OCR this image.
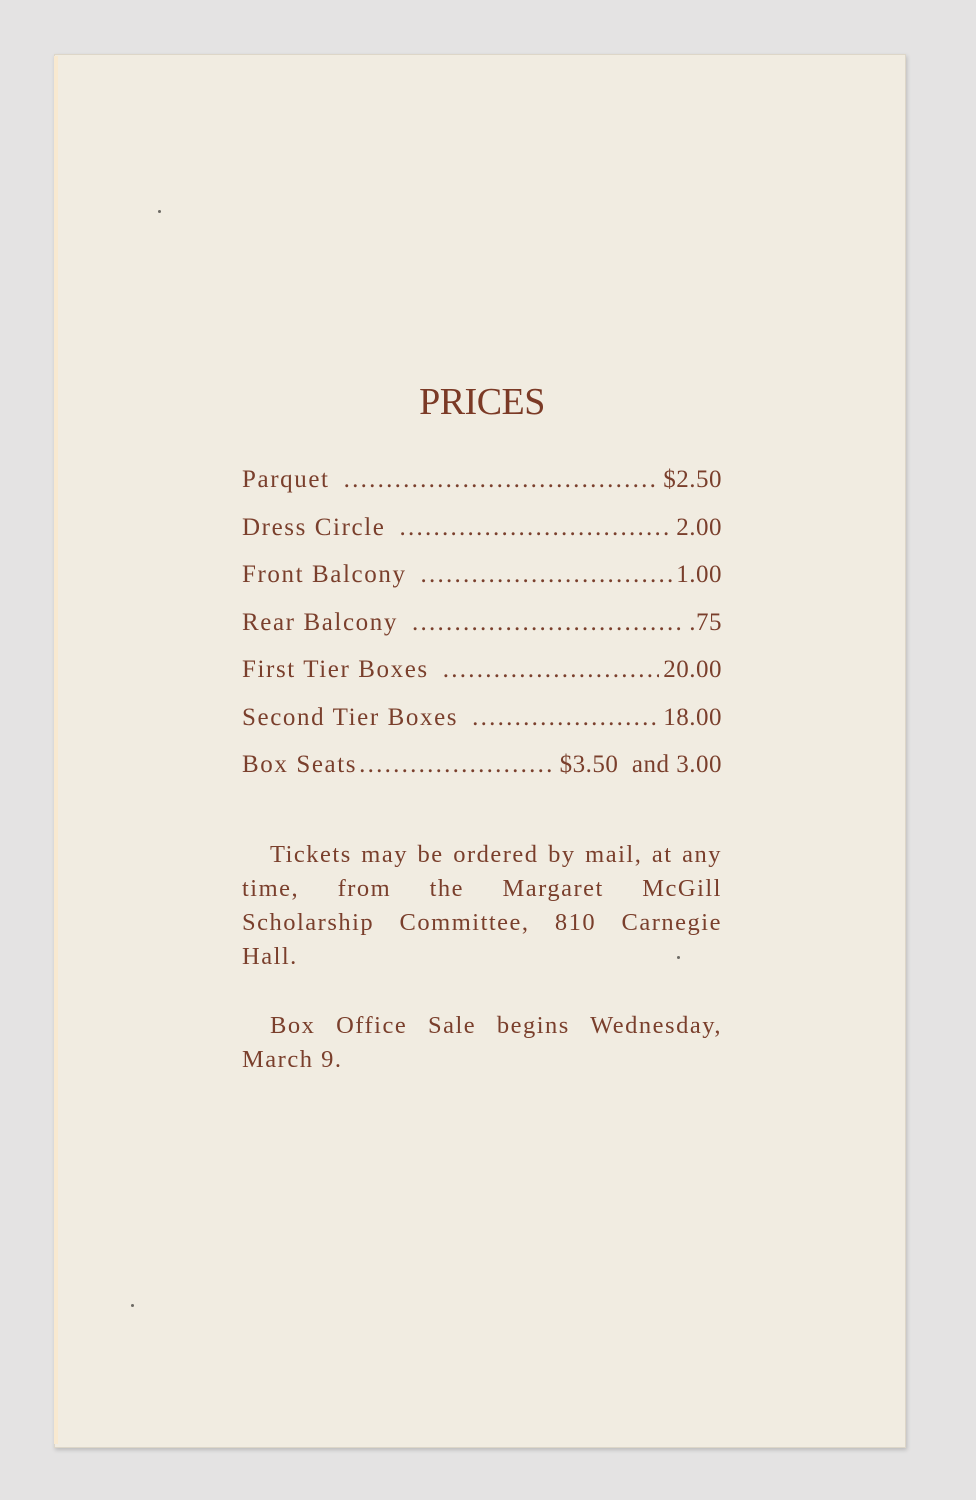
PRICES
Parquet . . .	$2.50
Dress Circle . . .	2.00
Front Balcony . . .	1.00
Rear Balcony . . .	.75
First Tier Boxes . . .	20.00
Second Tier Boxes . . .	18.00
Box Seats . . .	$3.50  and 3.00

Tickets may be ordered by mail, at any time, from the Margaret McGill Scholarship Committee, 810 Carnegie Hall.

Box Office Sale begins Wednesday, March 9.
